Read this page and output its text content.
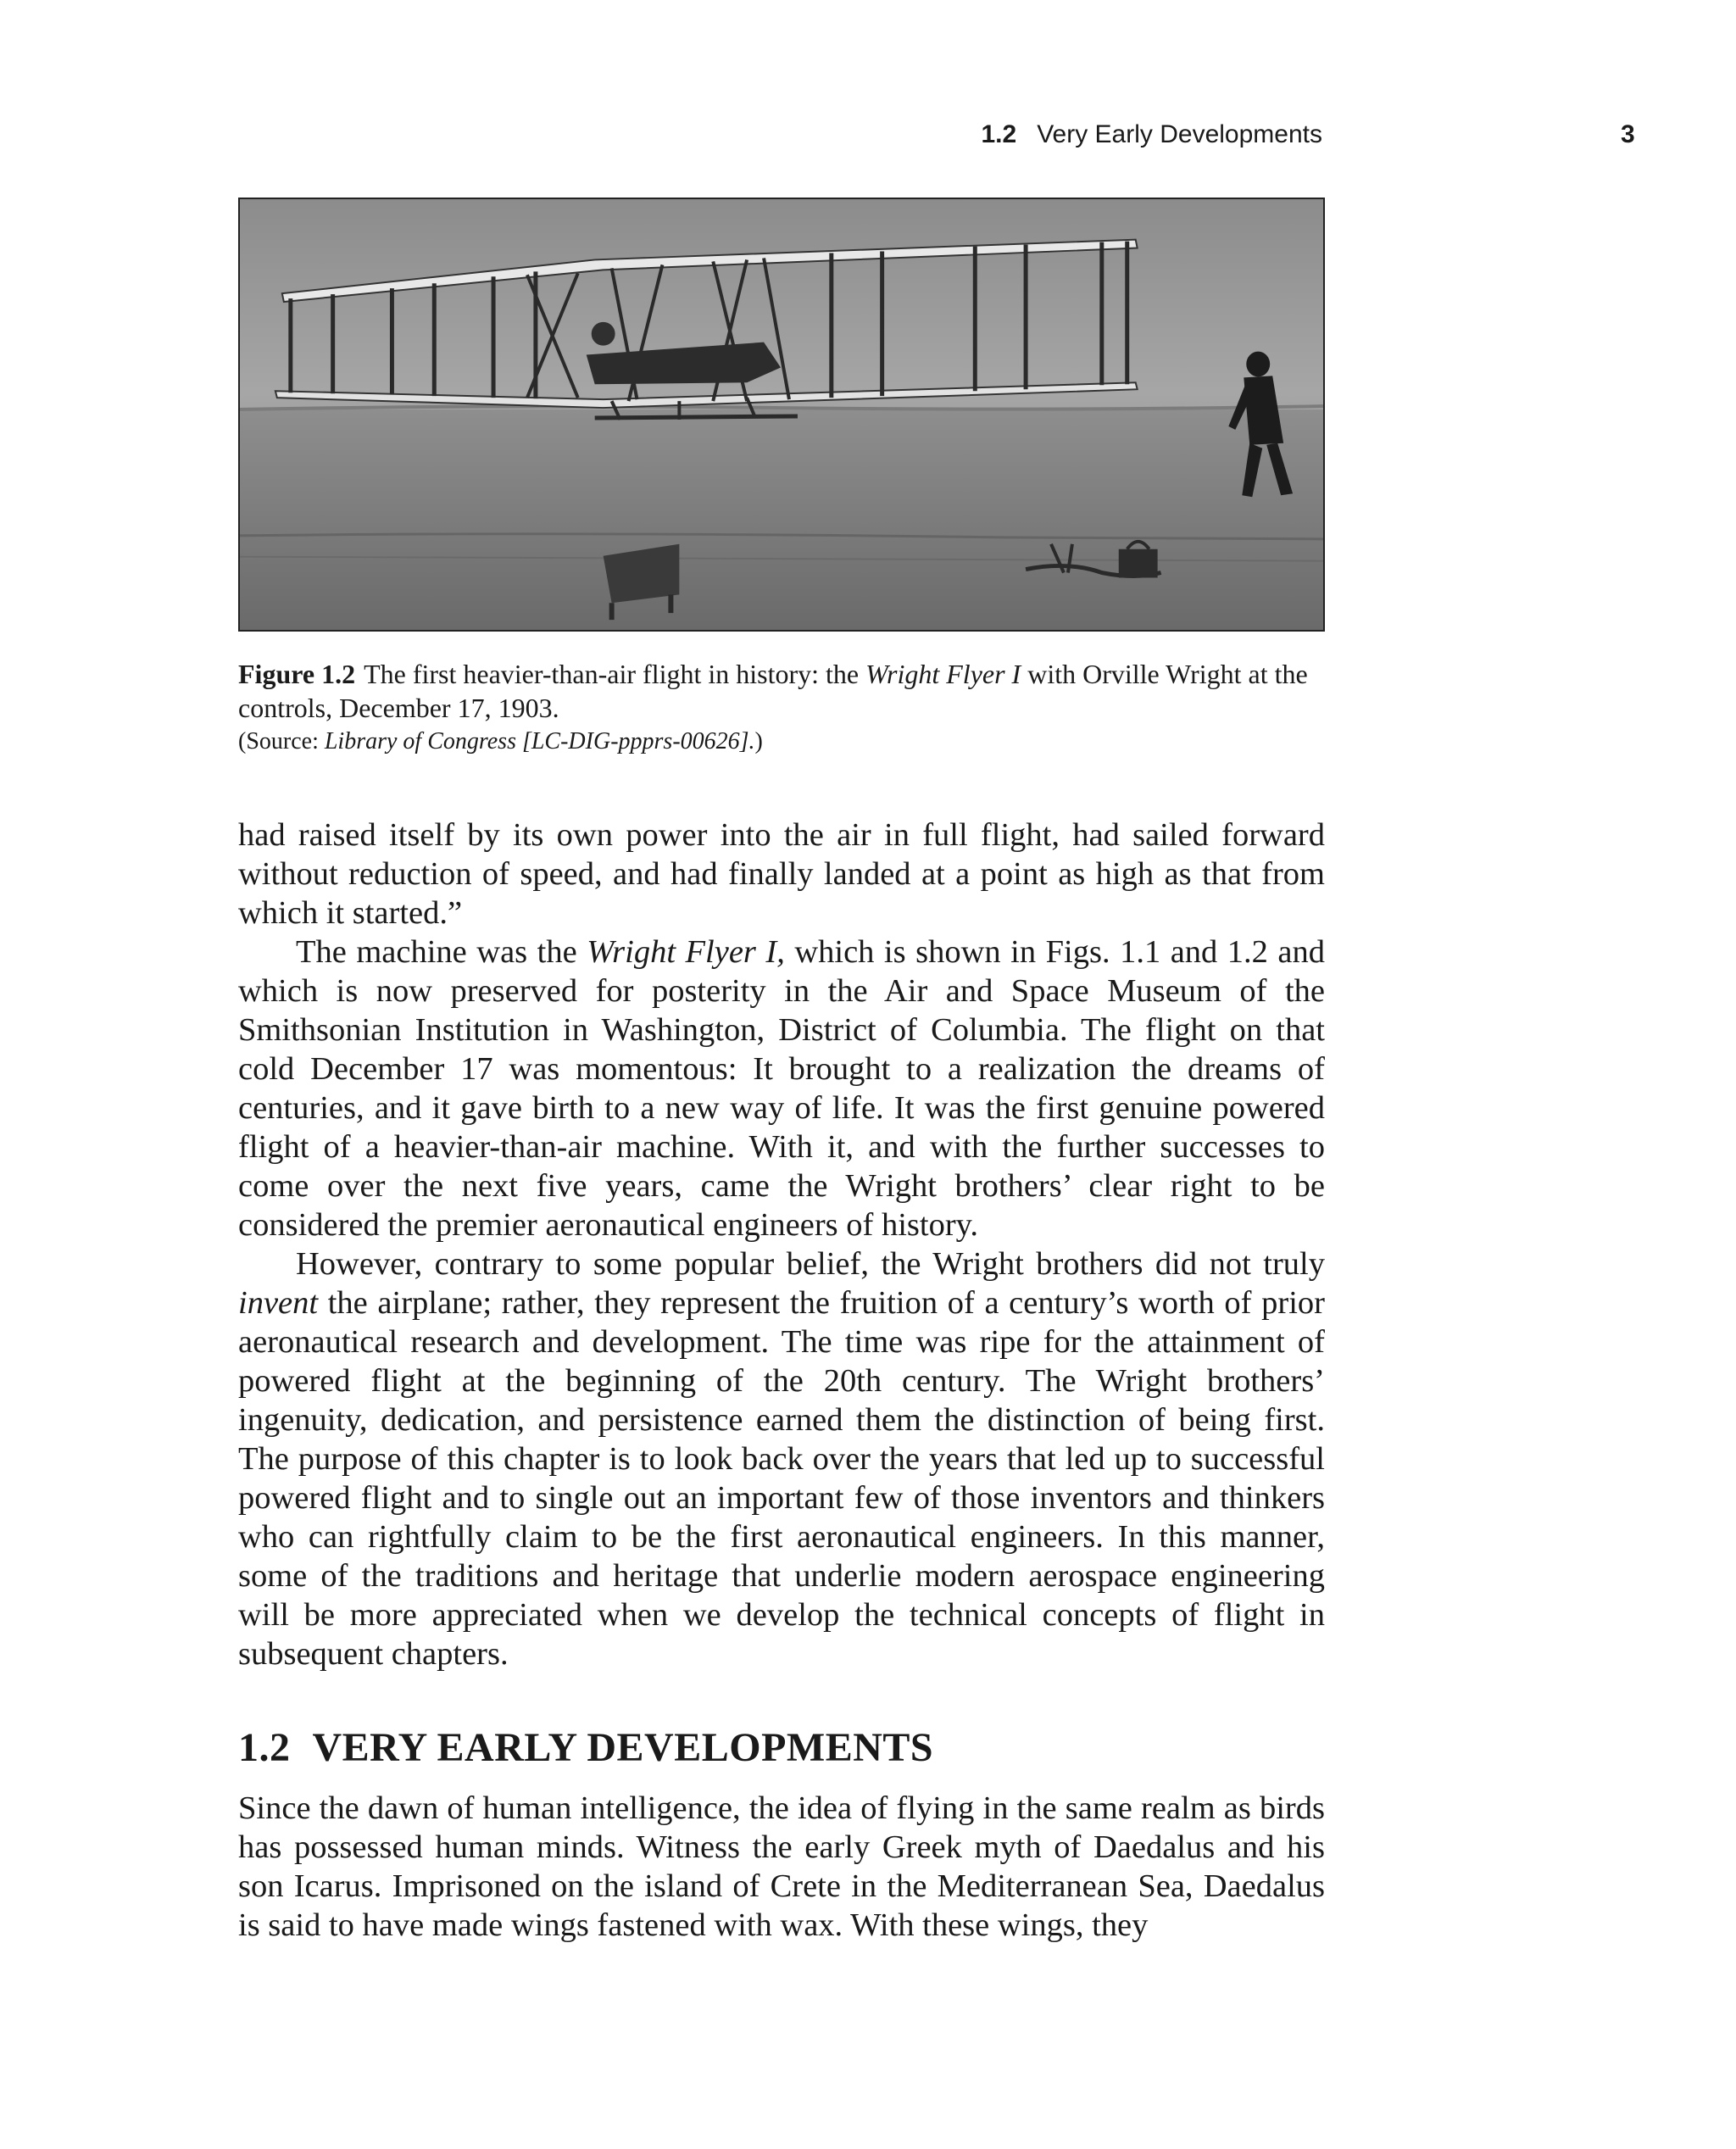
1.2 Very Early Developments	3
Figure 1.2 The first heavier-than-air flight in history: the Wright Flyer I with Orville Wright at the controls, December 17, 1903.
(Source: Library of Congress [LC-DIG-ppprs-00626].)

had raised itself by its own power into the air in full flight, had sailed forward without reduction of speed, and had finally landed at a point as high as that from which it started.”

The machine was the Wright Flyer I, which is shown in Figs. 1.1 and 1.2 and which is now preserved for posterity in the Air and Space Museum of the Smithsonian Institution in Washington, District of Columbia. The flight on that cold December 17 was momentous: It brought to a realization the dreams of centuries, and it gave birth to a new way of life. It was the first genuine powered flight of a heavier-than-air machine. With it, and with the further successes to come over the next five years, came the Wright brothers’ clear right to be considered the premier aeronautical engineers of history.

However, contrary to some popular belief, the Wright brothers did not truly invent the airplane; rather, they represent the fruition of a century’s worth of prior aeronautical research and development. The time was ripe for the attainment of powered flight at the beginning of the 20th century. The Wright brothers’ ingenuity, dedication, and persistence earned them the distinction of being first. The purpose of this chapter is to look back over the years that led up to successful powered flight and to single out an important few of those inventors and thinkers who can rightfully claim to be the first aeronautical engineers. In this manner, some of the traditions and heritage that underlie modern aerospace engineering will be more appreciated when we develop the technical concepts of flight in subsequent chapters.

1.2 VERY EARLY DEVELOPMENTS

Since the dawn of human intelligence, the idea of flying in the same realm as birds has possessed human minds. Witness the early Greek myth of Daedalus and his son Icarus. Imprisoned on the island of Crete in the Mediterranean Sea, Daedalus is said to have made wings fastened with wax. With these wings, they
